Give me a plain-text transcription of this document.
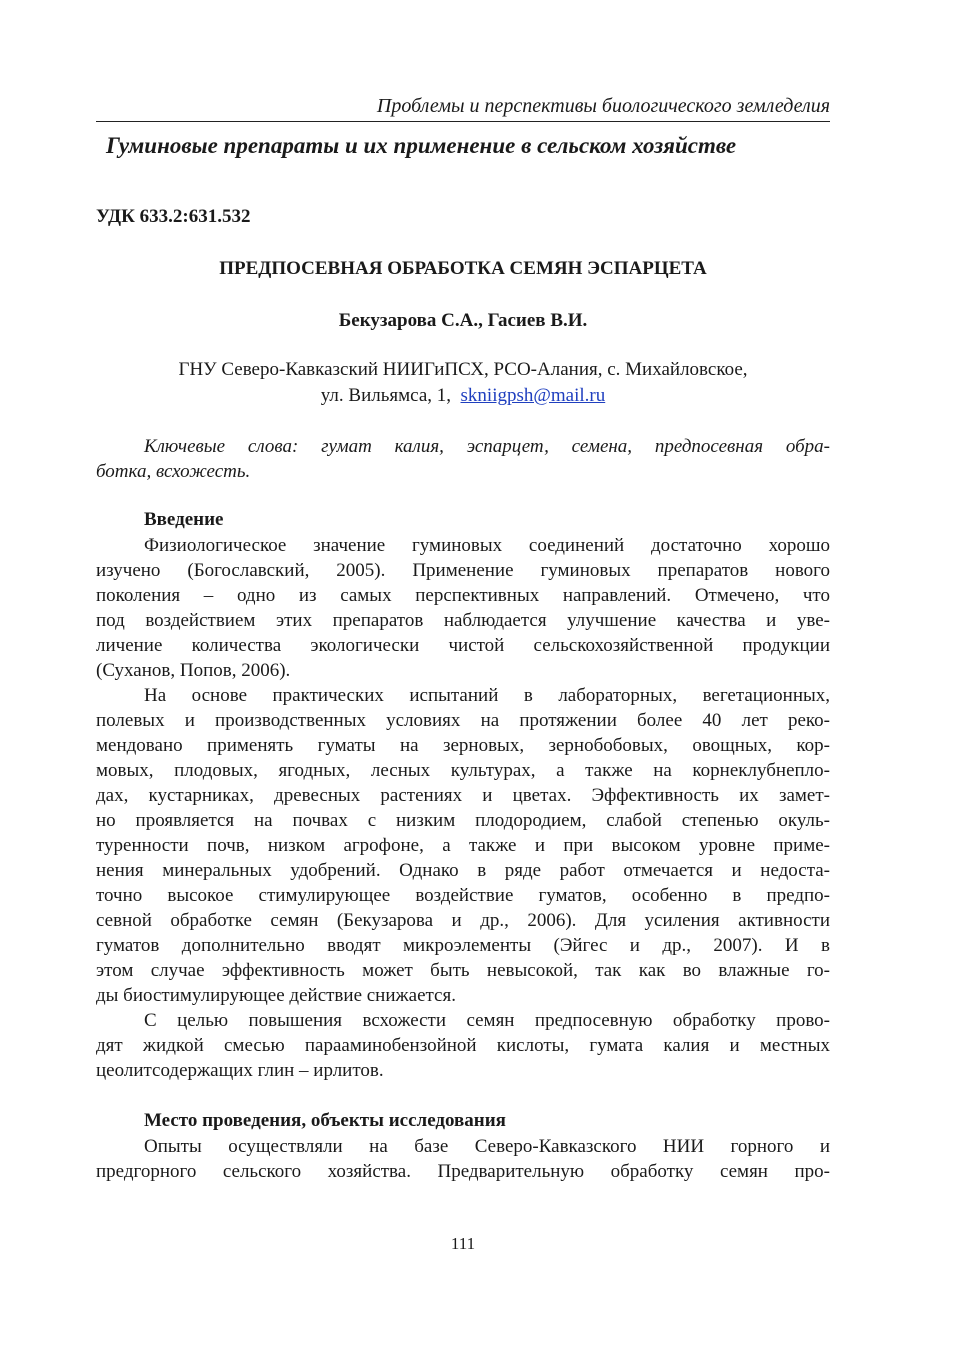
Проблемы и перспективы биологического земледелия
Гуминовые препараты и их применение в сельском хозяйстве
УДК 633.2:631.532
ПРЕДПОСЕВНАЯ ОБРАБОТКА СЕМЯН ЭСПАРЦЕТА
Бекузарова С.А., Гасиев В.И.
ГНУ Северо-Кавказский НИИГиПСХ, РСО-Алания, с. Михайловское,
ул. Вильямса, 1, skniigpsh@mail.ru
Ключевые слова: гумат калия, эспарцет, семена, предпосевная обра-
ботка, всхожесть.
Введение
Физиологическое значение гуминовых соединений достаточно хорошо
изучено (Богославский, 2005). Применение гуминовых препаратов нового
поколения – одно из самых перспективных направлений. Отмечено, что
под воздействием этих препаратов наблюдается улучшение качества и уве-
личение количества экологически чистой сельскохозяйственной продукции
(Суханов, Попов, 2006).
На основе практических испытаний в лабораторных, вегетационных,
полевых и производственных условиях на протяжении более 40 лет реко-
мендовано применять гуматы на зерновых, зернобобовых, овощных, кор-
мовых, плодовых, ягодных, лесных культурах, а также на корнеклубнепло-
дах, кустарниках, древесных растениях и цветах. Эффективность их замет-
но проявляется на почвах с низким плодородием, слабой степенью окуль-
туренности почв, низком агрофоне, а также и при высоком уровне приме-
нения минеральных удобрений. Однако в ряде работ отмечается и недоста-
точно высокое стимулирующее воздействие гуматов, особенно в предпо-
севной обработке семян (Бекузарова и др., 2006). Для усиления активности
гуматов дополнительно вводят микроэлементы (Эйгес и др., 2007). И в
этом случае эффективность может быть невысокой, так как во влажные го-
ды биостимулирующее действие снижается.
С целью повышения всхожести семян предпосевную обработку прово-
дят жидкой смесью парааминобензойной кислоты, гумата калия и местных
цеолитсодержащих глин – ирлитов.
Место проведения, объекты исследования
Опыты осуществляли на базе Северо-Кавказского НИИ горного и
предгорного сельского хозяйства. Предварительную обработку семян про-
111
